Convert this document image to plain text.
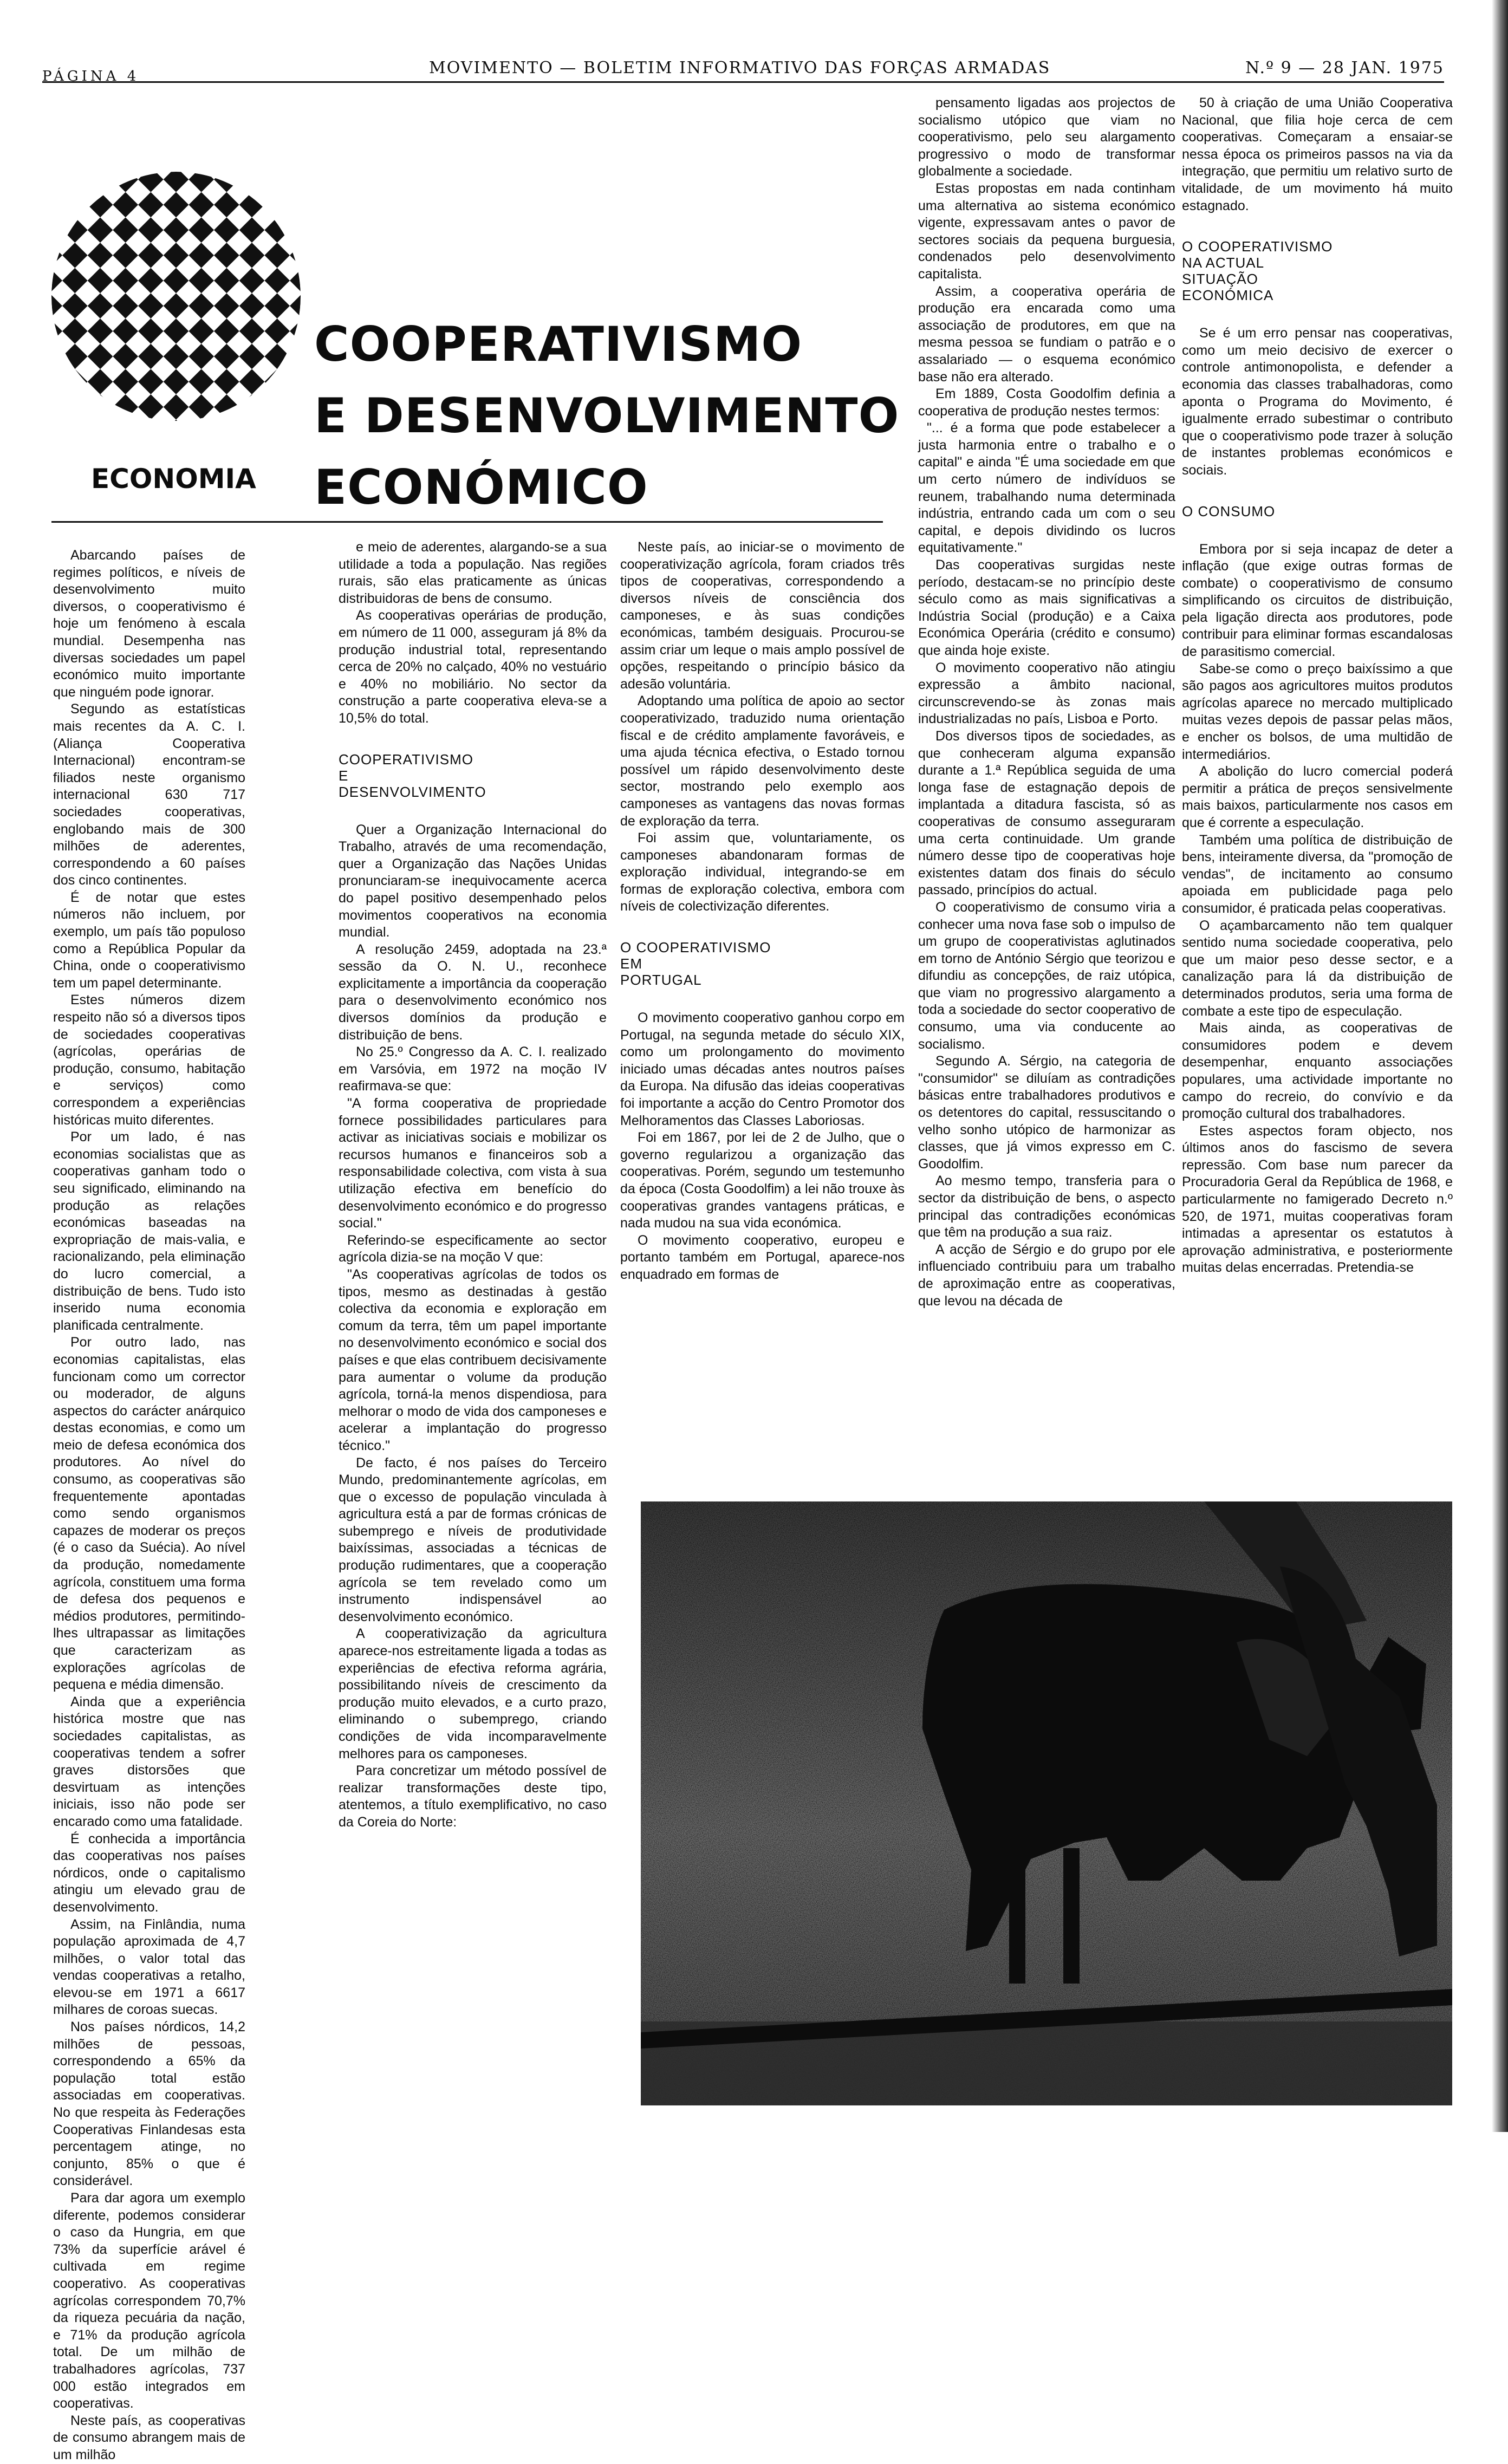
PÁGINA 4	MOVIMENTO — BOLETIM INFORMATIVO DAS FORÇAS ARMADAS	N.º 9 — 28 JAN. 1975
ECONOMIA
COOPERATIVISMO
E DESENVOLVIMENTO
ECONÓMICO

Abarcando países de regimes políticos, e níveis de desenvolvimento muito diversos, o cooperativismo é hoje um fenómeno à escala mundial. Desempenha nas diversas sociedades um papel económico muito importante que ninguém pode ignorar.

Segundo as estatísticas mais recentes da A. C. I. (Aliança Cooperativa Internacional) encontram-se filiados neste organismo internacional 630 717 sociedades cooperativas, englobando mais de 300 milhões de aderentes, correspondendo a 60 países dos cinco continentes.

É de notar que estes números não incluem, por exemplo, um país tão populoso como a República Popular da China, onde o cooperativismo tem um papel determinante.

Estes números dizem respeito não só a diversos tipos de sociedades cooperativas (agrícolas, operárias de produção, consumo, habitação e serviços) como correspondem a experiências históricas muito diferentes.

Por um lado, é nas economias socialistas que as cooperativas ganham todo o seu significado, eliminando na produção as relações económicas baseadas na expropriação de mais-valia, e racionalizando, pela eliminação do lucro comercial, a distribuição de bens. Tudo isto inserido numa economia planificada centralmente.

Por outro lado, nas economias capitalistas, elas funcionam como um corrector ou moderador, de alguns aspectos do carácter anárquico destas economias, e como um meio de defesa económica dos produtores. Ao nível do consumo, as cooperativas são frequentemente apontadas como sendo organismos capazes de moderar os preços (é o caso da Suécia). Ao nível da produção, nomedamente agrícola, constituem uma forma de defesa dos pequenos e médios produtores, permitindo-lhes ultrapassar as limitações que caracterizam as explorações agrícolas de pequena e média dimensão.

Ainda que a experiência histórica mostre que nas sociedades capitalistas, as cooperativas tendem a sofrer graves distorsões que desvirtuam as intenções iniciais, isso não pode ser encarado como uma fatalidade.

É conhecida a importância das cooperativas nos países nórdicos, onde o capitalismo atingiu um elevado grau de desenvolvimento.

Assim, na Finlândia, numa população aproximada de 4,7 milhões, o valor total das vendas cooperativas a retalho, elevou-se em 1971 a 6617 milhares de coroas suecas.

Nos países nórdicos, 14,2 milhões de pessoas, correspondendo a 65% da população total estão associadas em cooperativas. No que respeita às Federações Cooperativas Finlandesas esta percentagem atinge, no conjunto, 85% o que é considerável.

Para dar agora um exemplo diferente, podemos considerar o caso da Hungria, em que 73% da superfície arável é cultivada em regime cooperativo. As cooperativas agrícolas correspondem 70,7% da riqueza pecuária da nação, e 71% da produção agrícola total. De um milhão de trabalhadores agrícolas, 737 000 estão integrados em cooperativas.

Neste país, as cooperativas de consumo abrangem mais de um milhão

e meio de aderentes, alargando-se a sua utilidade a toda a população. Nas regiões rurais, são elas praticamente as únicas distribuidoras de bens de consumo.

As cooperativas operárias de produção, em número de 11 000, asseguram já 8% da produção industrial total, representando cerca de 20% no calçado, 40% no vestuário e 40% no mobiliário. No sector da construção a parte cooperativa eleva-se a 10,5% do total.

COOPERATIVISMO
E
DESENVOLVIMENTO

Quer a Organização Internacional do Trabalho, através de uma recomendação, quer a Organização das Nações Unidas pronunciaram-se inequivocamente acerca do papel positivo desempenhado pelos movimentos cooperativos na economia mundial.

A resolução 2459, adoptada na 23.ª sessão da O. N. U., reconhece explicitamente a importância da cooperação para o desenvolvimento económico nos diversos domínios da produção e distribuição de bens.

No 25.º Congresso da A. C. I. realizado em Varsóvia, em 1972 na moção IV reafirmava-se que:

"A forma cooperativa de propriedade fornece possibilidades particulares para activar as iniciativas sociais e mobilizar os recursos humanos e financeiros sob a responsabilidade colectiva, com vista à sua utilização efectiva em benefício do desenvolvimento económico e do progresso social."

Referindo-se especificamente ao sector agrícola dizia-se na moção V que:

"As cooperativas agrícolas de todos os tipos, mesmo as destinadas à gestão colectiva da economia e exploração em comum da terra, têm um papel importante no desenvolvimento económico e social dos países e que elas contribuem decisivamente para aumentar o volume da produção agrícola, torná-la menos dispendiosa, para melhorar o modo de vida dos camponeses e acelerar a implantação do progresso técnico."

De facto, é nos países do Terceiro Mundo, predominantemente agrícolas, em que o excesso de população vinculada à agricultura está a par de formas crónicas de subemprego e níveis de produtividade baixíssimas, associadas a técnicas de produção rudimentares, que a cooperação agrícola se tem revelado como um instrumento indispensável ao desenvolvimento económico.

A cooperativização da agricultura aparece-nos estreitamente ligada a todas as experiências de efectiva reforma agrária, possibilitando níveis de crescimento da produção muito elevados, e a curto prazo, eliminando o subemprego, criando condições de vida incomparavelmente melhores para os camponeses.

Para concretizar um método possível de realizar transformações deste tipo, atentemos, a título exemplificativo, no caso da Coreia do Norte:

Neste país, ao iniciar-se o movimento de cooperativização agrícola, foram criados três tipos de cooperativas, correspondendo a diversos níveis de consciência dos camponeses, e às suas condições económicas, também desiguais. Procurou-se assim criar um leque o mais amplo possível de opções, respeitando o princípio básico da adesão voluntária.

Adoptando uma política de apoio ao sector cooperativizado, traduzido numa orientação fiscal e de crédito amplamente favoráveis, e uma ajuda técnica efectiva, o Estado tornou possível um rápido desenvolvimento deste sector, mostrando pelo exemplo aos camponeses as vantagens das novas formas de exploração da terra.

Foi assim que, voluntariamente, os camponeses abandonaram formas de exploração individual, integrando-se em formas de exploração colectiva, embora com níveis de colectivização diferentes.

O COOPERATIVISMO
EM
PORTUGAL

O movimento cooperativo ganhou corpo em Portugal, na segunda metade do século XIX, como um prolongamento do movimento iniciado umas décadas antes noutros países da Europa. Na difusão das ideias cooperativas foi importante a acção do Centro Promotor dos Melhoramentos das Classes Laboriosas.

Foi em 1867, por lei de 2 de Julho, que o governo regularizou a organização das cooperativas. Porém, segundo um testemunho da época (Costa Goodolfim) a lei não trouxe às cooperativas grandes vantagens práticas, e nada mudou na sua vida económica.

O movimento cooperativo, europeu e portanto também em Portugal, aparece-nos enquadrado em formas de

pensamento ligadas aos projectos de socialismo utópico que viam no cooperativismo, pelo seu alargamento progressivo o modo de transformar globalmente a sociedade.

Estas propostas em nada continham uma alternativa ao sistema económico vigente, expressavam antes o pavor de sectores sociais da pequena burguesia, condenados pelo desenvolvimento capitalista.

Assim, a cooperativa operária de produção era encarada como uma associação de produtores, em que na mesma pessoa se fundiam o patrão e o assalariado — o esquema económico base não era alterado.

Em 1889, Costa Goodolfim definia a cooperativa de produção nestes termos:

"... é a forma que pode estabelecer a justa harmonia entre o trabalho e o capital" e ainda "É uma sociedade em que um certo número de indivíduos se reunem, trabalhando numa determinada indústria, entrando cada um com o seu capital, e depois dividindo os lucros equitativamente."

Das cooperativas surgidas neste período, destacam-se no princípio deste século como as mais significativas a Indústria Social (produção) e a Caixa Económica Operária (crédito e consumo) que ainda hoje existe.

O movimento cooperativo não atingiu expressão a âmbito nacional, circunscrevendo-se às zonas mais industrializadas no país, Lisboa e Porto.

Dos diversos tipos de sociedades, as que conheceram alguma expansão durante a 1.ª República seguida de uma longa fase de estagnação depois de implantada a ditadura fascista, só as cooperativas de consumo asseguraram uma certa continuidade. Um grande número desse tipo de cooperativas hoje existentes datam dos finais do século passado, princípios do actual.

O cooperativismo de consumo viria a conhecer uma nova fase sob o impulso de um grupo de cooperativistas aglutinados em torno de António Sérgio que teorizou e difundiu as concepções, de raiz utópica, que viam no progressivo alargamento a toda a sociedade do sector cooperativo de consumo, uma via conducente ao socialismo.

Segundo A. Sérgio, na categoria de "consumidor" se diluíam as contradições básicas entre trabalhadores produtivos e os detentores do capital, ressuscitando o velho sonho utópico de harmonizar as classes, que já vimos expresso em C. Goodolfim.

Ao mesmo tempo, transferia para o sector da distribuição de bens, o aspecto principal das contradições económicas que têm na produção a sua raiz.

A acção de Sérgio e do grupo por ele influenciado contribuiu para um trabalho de aproximação entre as cooperativas, que levou na década de

50 à criação de uma União Cooperativa Nacional, que filia hoje cerca de cem cooperativas. Começaram a ensaiar-se nessa época os primeiros passos na via da integração, que permitiu um relativo surto de vitalidade, de um movimento há muito estagnado.

O COOPERATIVISMO
NA ACTUAL
SITUAÇÃO
ECONÓMICA

Se é um erro pensar nas cooperativas, como um meio decisivo de exercer o controle antimonopolista, e defender a economia das classes trabalhadoras, como aponta o Programa do Movimento, é igualmente errado subestimar o contributo que o cooperativismo pode trazer à solução de instantes problemas económicos e sociais.

O CONSUMO

Embora por si seja incapaz de deter a inflação (que exige outras formas de combate) o cooperativismo de consumo simplificando os circuitos de distribuição, pela ligação directa aos produtores, pode contribuir para eliminar formas escandalosas de parasitismo comercial.

Sabe-se como o preço baixíssimo a que são pagos aos agricultores muitos produtos agrícolas aparece no mercado multiplicado muitas vezes depois de passar pelas mãos, e encher os bolsos, de uma multidão de intermediários.

A abolição do lucro comercial poderá permitir a prática de preços sensivelmente mais baixos, particularmente nos casos em que é corrente a especulação.

Também uma política de distribuição de bens, inteiramente diversa, da "promoção de vendas", de incitamento ao consumo apoiada em publicidade paga pelo consumidor, é praticada pelas cooperativas.

O açambarcamento não tem qualquer sentido numa sociedade cooperativa, pelo que um maior peso desse sector, e a canalização para lá da distribuição de determinados produtos, seria uma forma de combate a este tipo de especulação.

Mais ainda, as cooperativas de consumidores podem e devem desempenhar, enquanto associações populares, uma actividade importante no campo do recreio, do convívio e da promoção cultural dos trabalhadores.

Estes aspectos foram objecto, nos últimos anos do fascismo de severa repressão. Com base num parecer da Procuradoria Geral da República de 1968, e particularmente no famigerado Decreto n.º 520, de 1971, muitas cooperativas foram intimadas a apresentar os estatutos à aprovação administrativa, e posteriormente muitas delas encerradas. Pretendia-se
